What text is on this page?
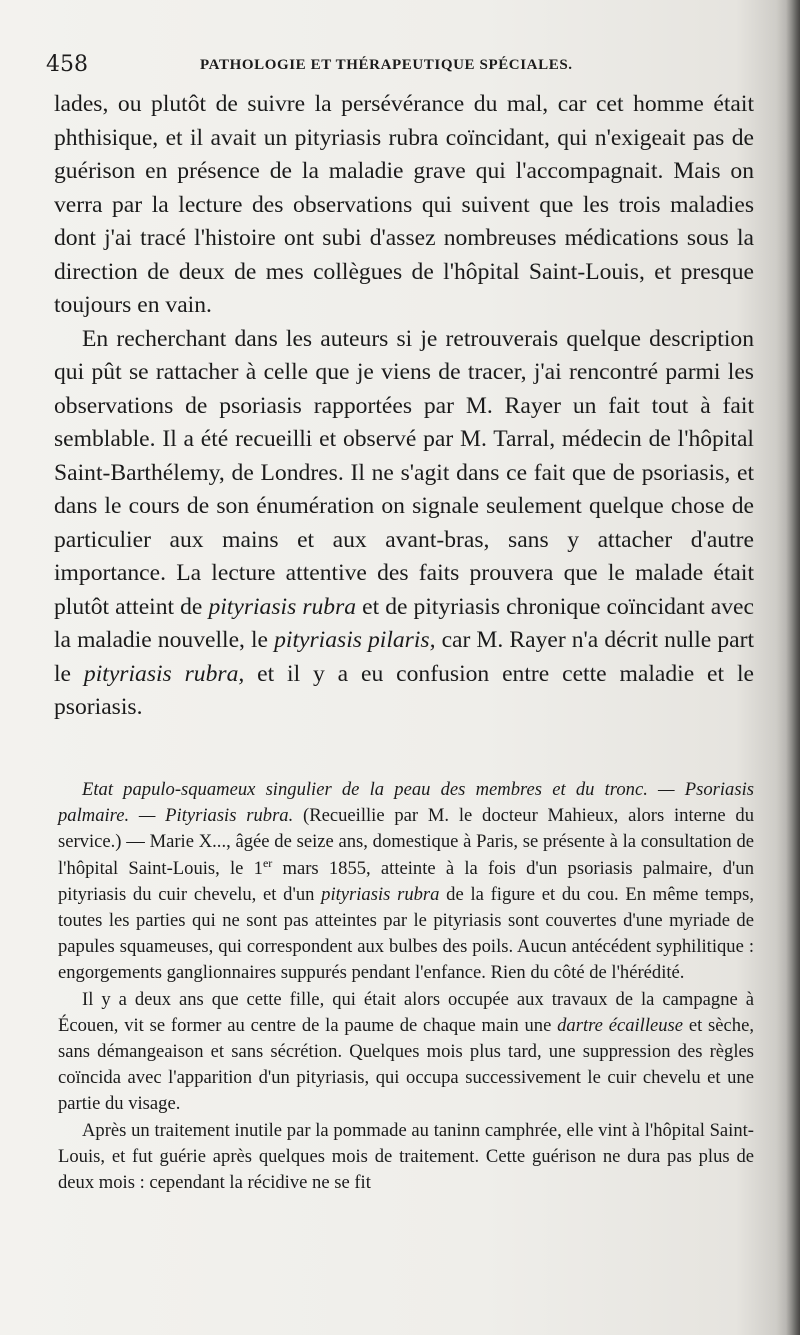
458	PATHOLOGIE ET THÉRAPEUTIQUE SPÉCIALES.

lades, ou plutôt de suivre la persévérance du mal, car cet homme était phthisique, et il avait un pityriasis rubra coïncidant, qui n'exigeait pas de guérison en présence de la maladie grave qui l'accompagnait. Mais on verra par la lecture des observations qui suivent que les trois maladies dont j'ai tracé l'histoire ont subi d'assez nombreuses médications sous la direction de deux de mes collègues de l'hôpital Saint-Louis, et presque toujours en vain.

En recherchant dans les auteurs si je retrouverais quelque description qui pût se rattacher à celle que je viens de tracer, j'ai rencontré parmi les observations de psoriasis rapportées par M. Rayer un fait tout à fait semblable. Il a été recueilli et observé par M. Tarral, médecin de l'hôpital Saint-Barthélemy, de Londres. Il ne s'agit dans ce fait que de psoriasis, et dans le cours de son énumération on signale seulement quelque chose de particulier aux mains et aux avant-bras, sans y attacher d'autre importance. La lecture attentive des faits prouvera que le malade était plutôt atteint de pityriasis rubra et de pityriasis chronique coïncidant avec la maladie nouvelle, le pityriasis pilaris, car M. Rayer n'a décrit nulle part le pityriasis rubra, et il y a eu confusion entre cette maladie et le psoriasis.

Etat papulo-squameux singulier de la peau des membres et du tronc. — Psoriasis palmaire. — Pityriasis rubra. (Recueillie par M. le docteur Mahieux, alors interne du service.) — Marie X..., âgée de seize ans, domestique à Paris, se présente à la consultation de l'hôpital Saint-Louis, le 1er mars 1855, atteinte à la fois d'un psoriasis palmaire, d'un pityriasis du cuir chevelu, et d'un pityriasis rubra de la figure et du cou. En même temps, toutes les parties qui ne sont pas atteintes par le pityriasis sont couvertes d'une myriade de papules squameuses, qui correspondent aux bulbes des poils. Aucun antécédent syphilitique : engorgements ganglionnaires suppurés pendant l'enfance. Rien du côté de l'hérédité.

Il y a deux ans que cette fille, qui était alors occupée aux travaux de la campagne à Écouen, vit se former au centre de la paume de chaque main une dartre écailleuse et sèche, sans démangeaison et sans sécrétion. Quelques mois plus tard, une suppression des règles coïncida avec l'apparition d'un pityriasis, qui occupa successivement le cuir chevelu et une partie du visage.

Après un traitement inutile par la pommade au taninn camphrée, elle vint à l'hôpital Saint-Louis, et fut guérie après quelques mois de traitement. Cette guérison ne dura pas plus de deux mois : cependant la récidive ne se fit
